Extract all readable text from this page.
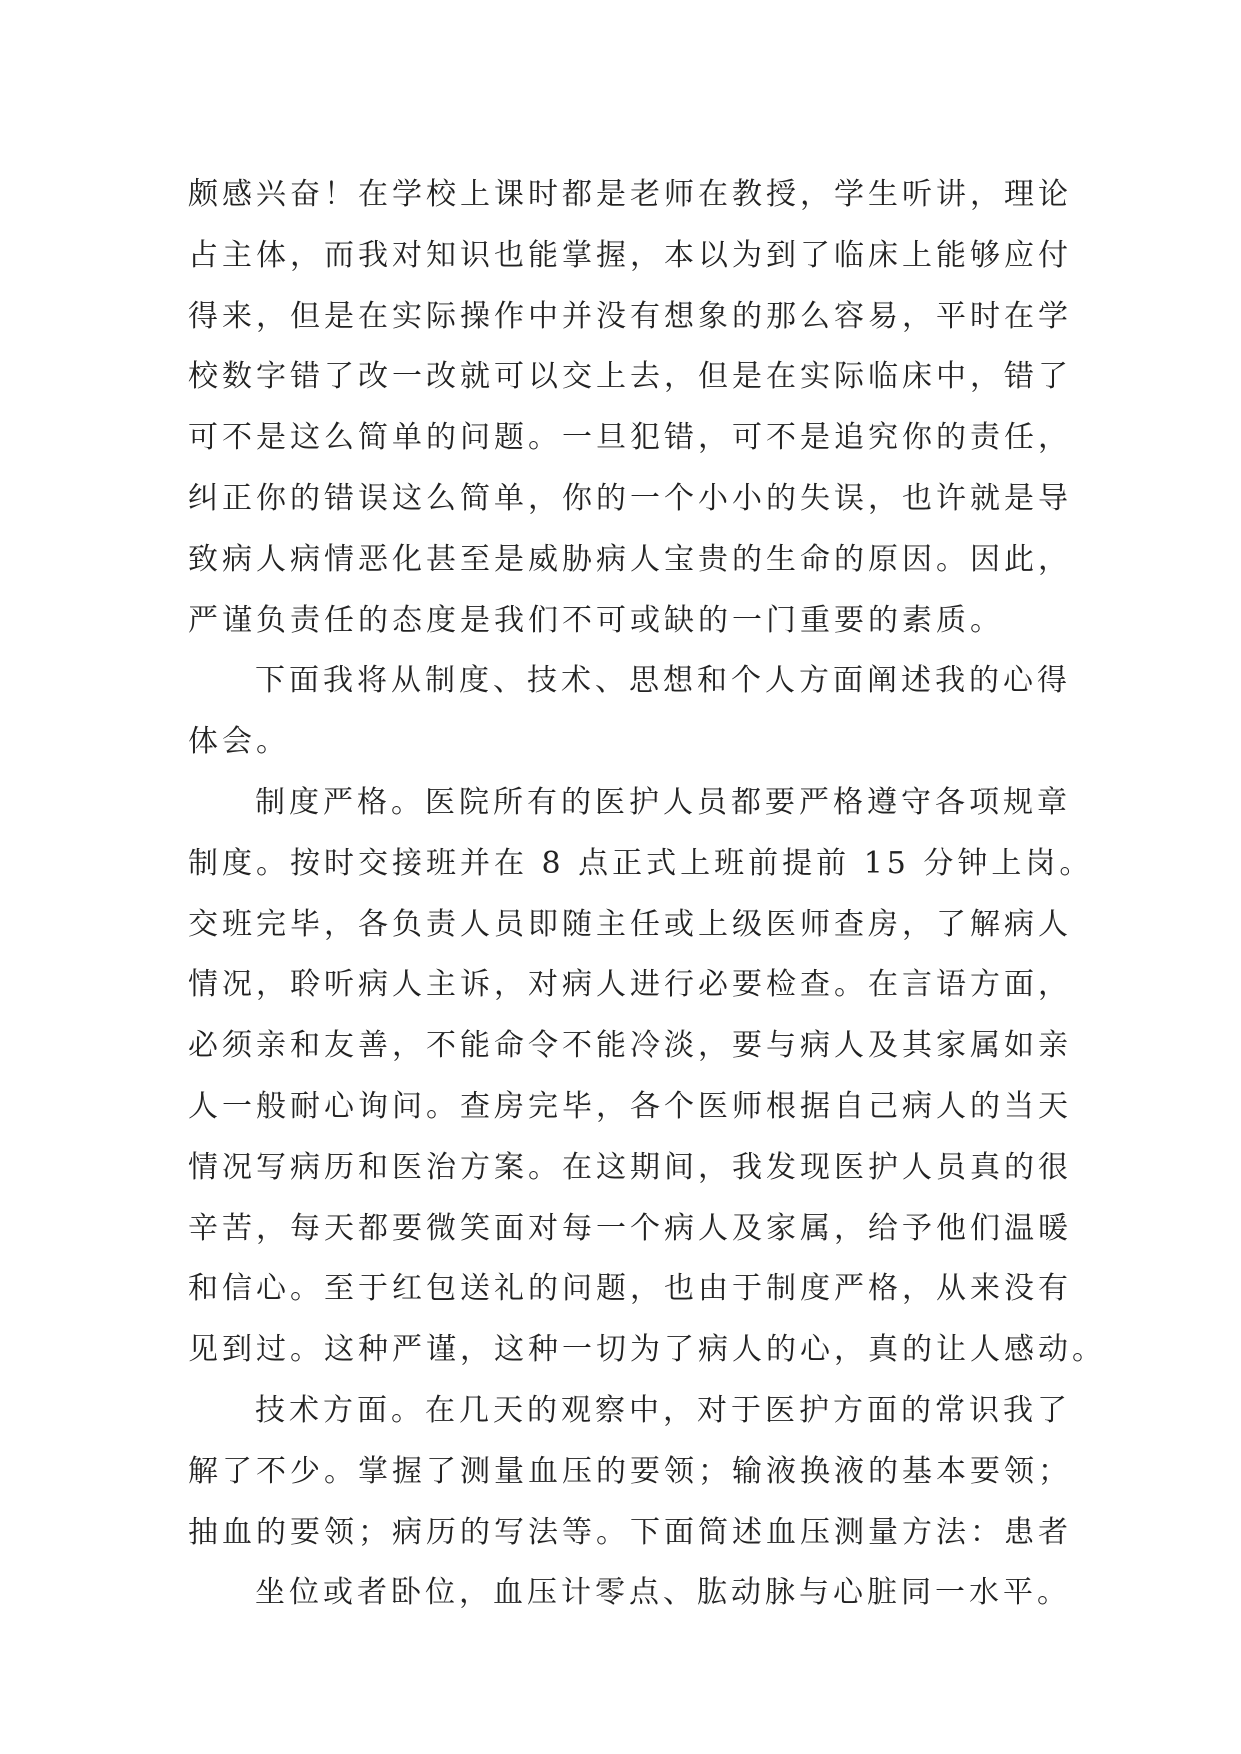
颇感兴奋！在学校上课时都是老师在教授，学生听讲，理论
占主体，而我对知识也能掌握，本以为到了临床上能够应付
得来，但是在实际操作中并没有想象的那么容易，平时在学
校数字错了改一改就可以交上去，但是在实际临床中，错了
可不是这么简单的问题。一旦犯错，可不是追究你的责任，
纠正你的错误这么简单，你的一个小小的失误，也许就是导
致病人病情恶化甚至是威胁病人宝贵的生命的原因。因此，
严谨负责任的态度是我们不可或缺的一门重要的素质。
下面我将从制度、技术、思想和个人方面阐述我的心得
体会。
制度严格。医院所有的医护人员都要严格遵守各项规章
制度。按时交接班并在 8 点正式上班前提前 15 分钟上岗。
交班完毕，各负责人员即随主任或上级医师查房，了解病人
情况，聆听病人主诉，对病人进行必要检查。在言语方面，
必须亲和友善，不能命令不能冷淡，要与病人及其家属如亲
人一般耐心询问。查房完毕，各个医师根据自己病人的当天
情况写病历和医治方案。在这期间，我发现医护人员真的很
辛苦，每天都要微笑面对每一个病人及家属，给予他们温暖
和信心。至于红包送礼的问题，也由于制度严格，从来没有
见到过。这种严谨，这种一切为了病人的心，真的让人感动。
技术方面。在几天的观察中，对于医护方面的常识我了
解了不少。掌握了测量血压的要领；输液换液的基本要领；
抽血的要领；病历的写法等。下面简述血压测量方法：患者
坐位或者卧位，血压计零点、肱动脉与心脏同一水平。
